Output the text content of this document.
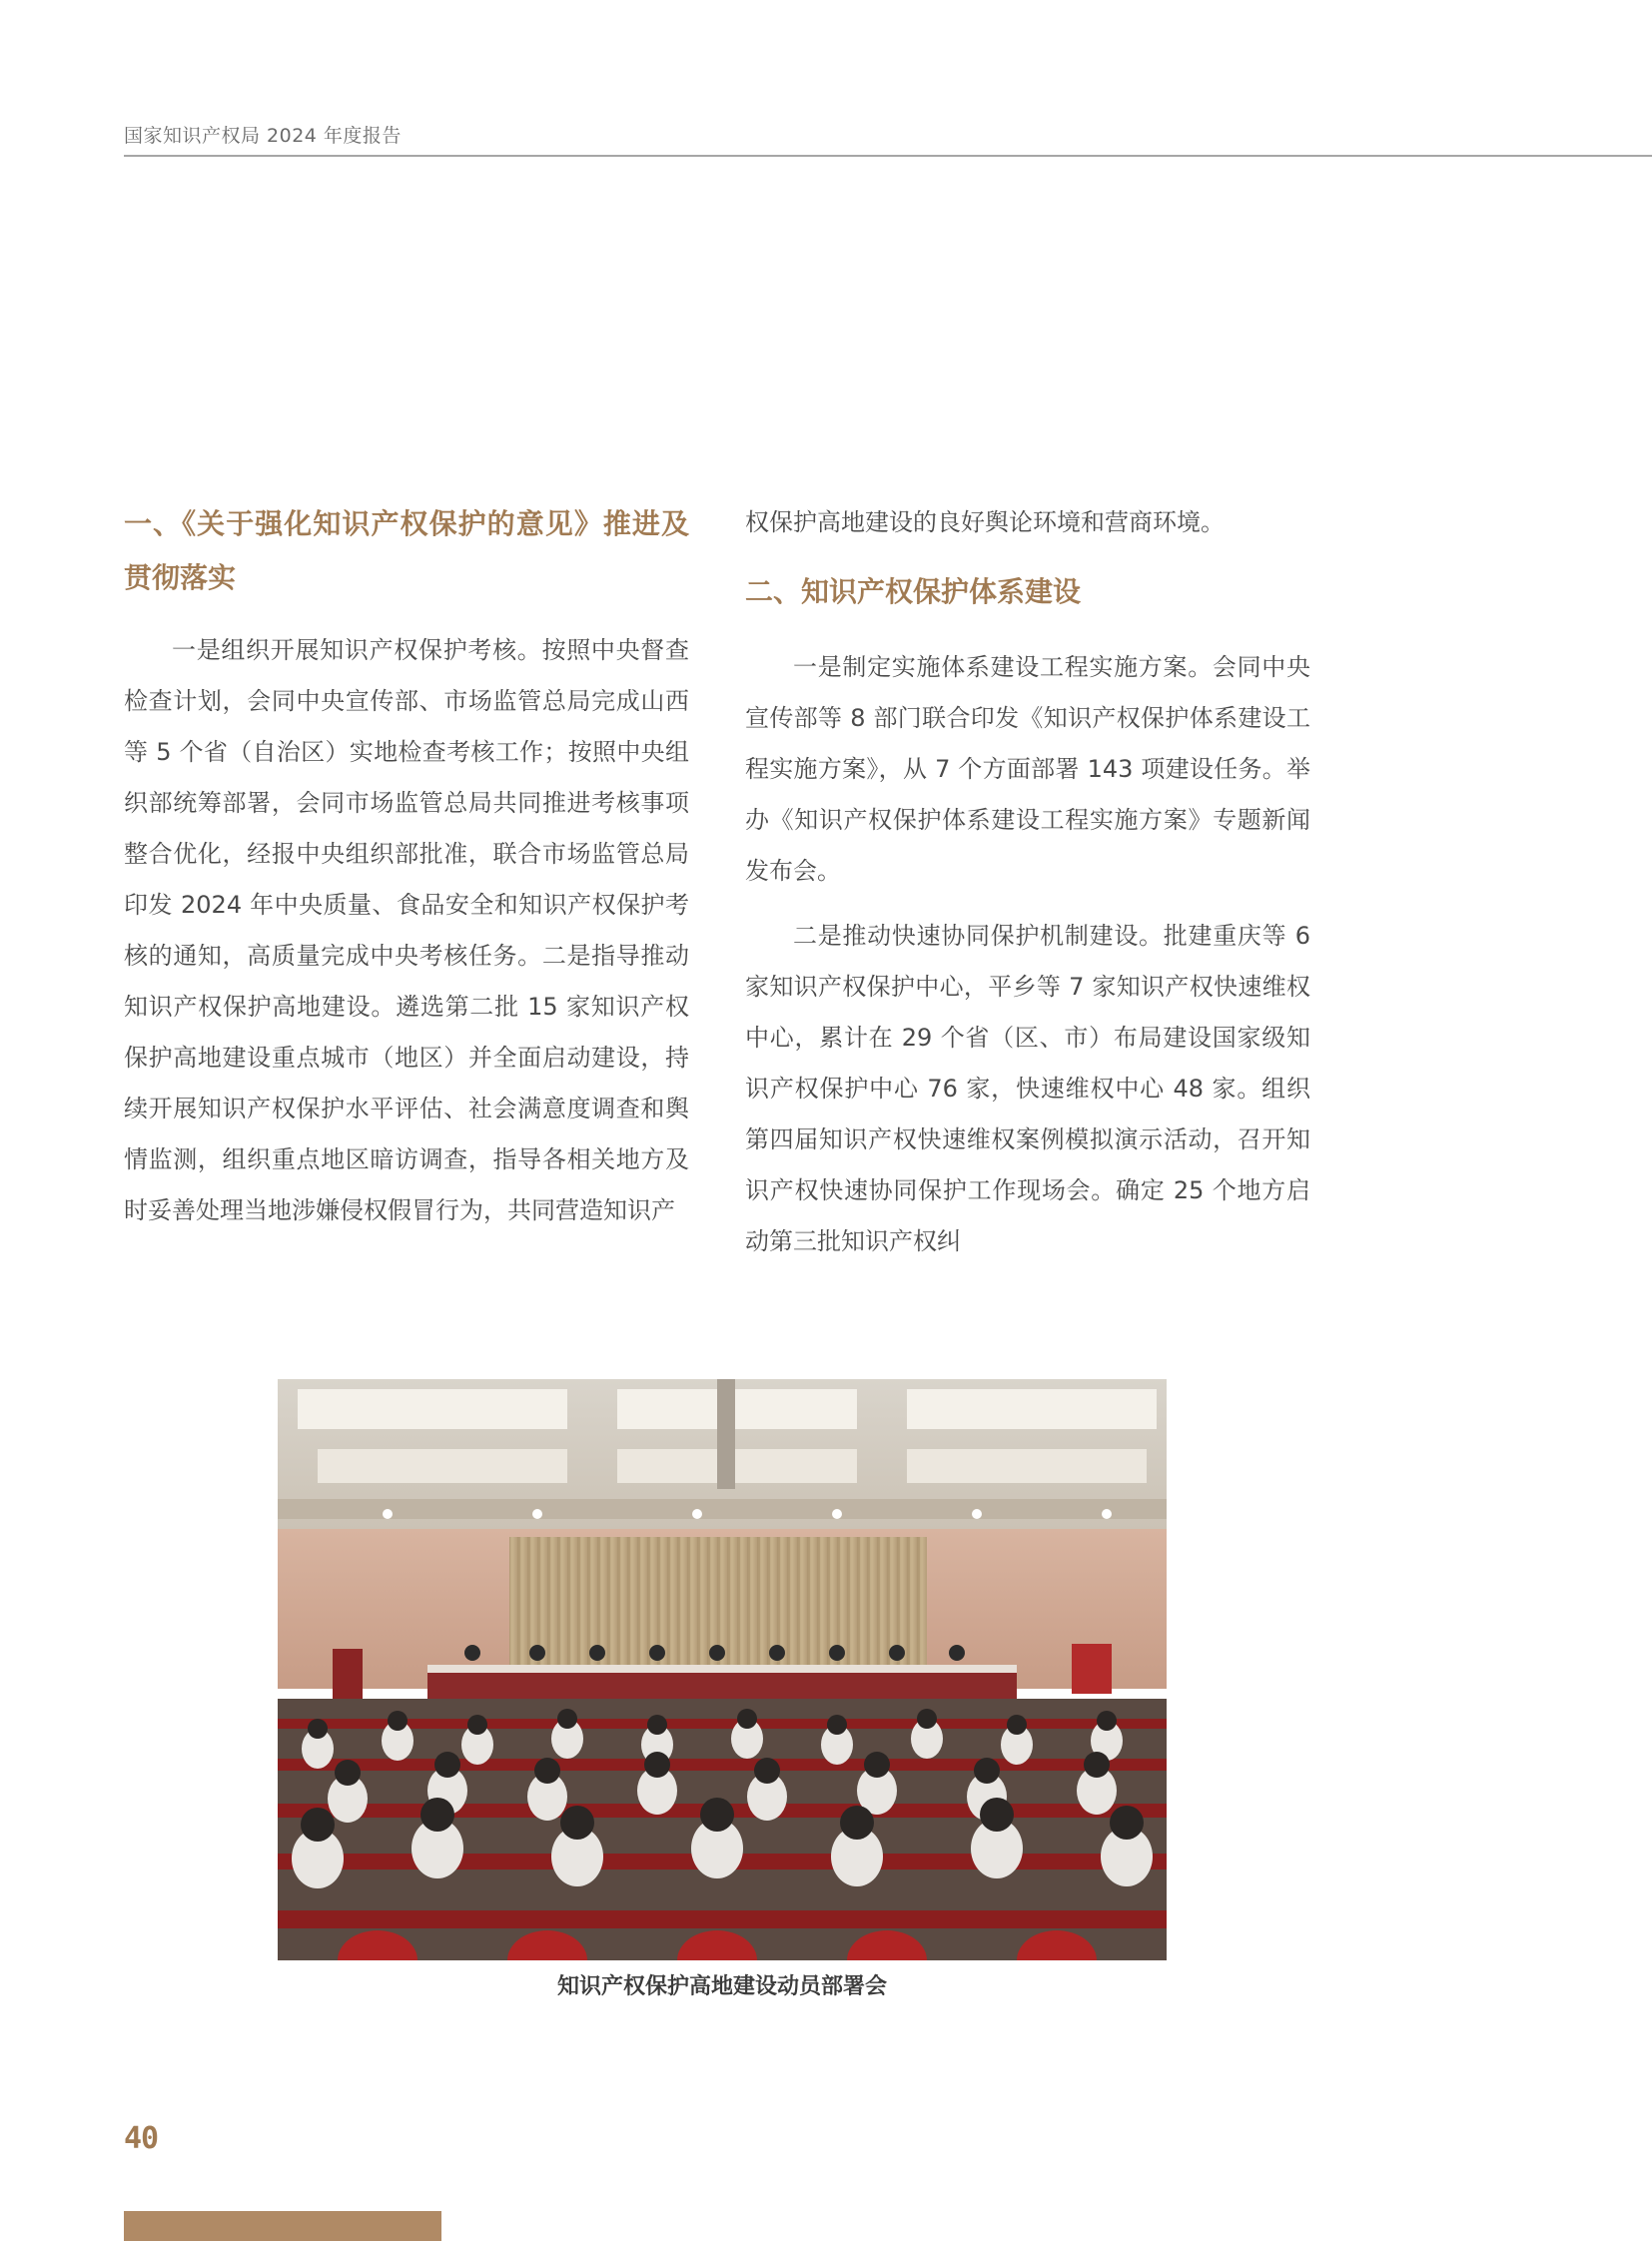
国家知识产权局 2024 年度报告
一、《关于强化知识产权保护的意见》推进及贯彻落实

一是组织开展知识产权保护考核。按照中央督查检查计划，会同中央宣传部、市场监管总局完成山西等 5 个省（自治区）实地检查考核工作；按照中央组织部统筹部署，会同市场监管总局共同推进考核事项整合优化，经报中央组织部批准，联合市场监管总局印发 2024 年中央质量、食品安全和知识产权保护考核的通知，高质量完成中央考核任务。二是指导推动知识产权保护高地建设。遴选第二批 15 家知识产权保护高地建设重点城市（地区）并全面启动建设，持续开展知识产权保护水平评估、社会满意度调查和舆情监测，组织重点地区暗访调查，指导各相关地方及时妥善处理当地涉嫌侵权假冒行为，共同营造知识产

权保护高地建设的良好舆论环境和营商环境。

二、知识产权保护体系建设

一是制定实施体系建设工程实施方案。会同中央宣传部等 8 部门联合印发《知识产权保护体系建设工程实施方案》，从 7 个方面部署 143 项建设任务。举办《知识产权保护体系建设工程实施方案》专题新闻发布会。

二是推动快速协同保护机制建设。批建重庆等 6 家知识产权保护中心，平乡等 7 家知识产权快速维权中心，累计在 29 个省（区、市）布局建设国家级知识产权保护中心 76 家，快速维权中心 48 家。组织第四届知识产权快速维权案例模拟演示活动，召开知识产权快速协同保护工作现场会。确定 25 个地方启动第三批知识产权纠

知识产权保护高地建设动员部署会
40
